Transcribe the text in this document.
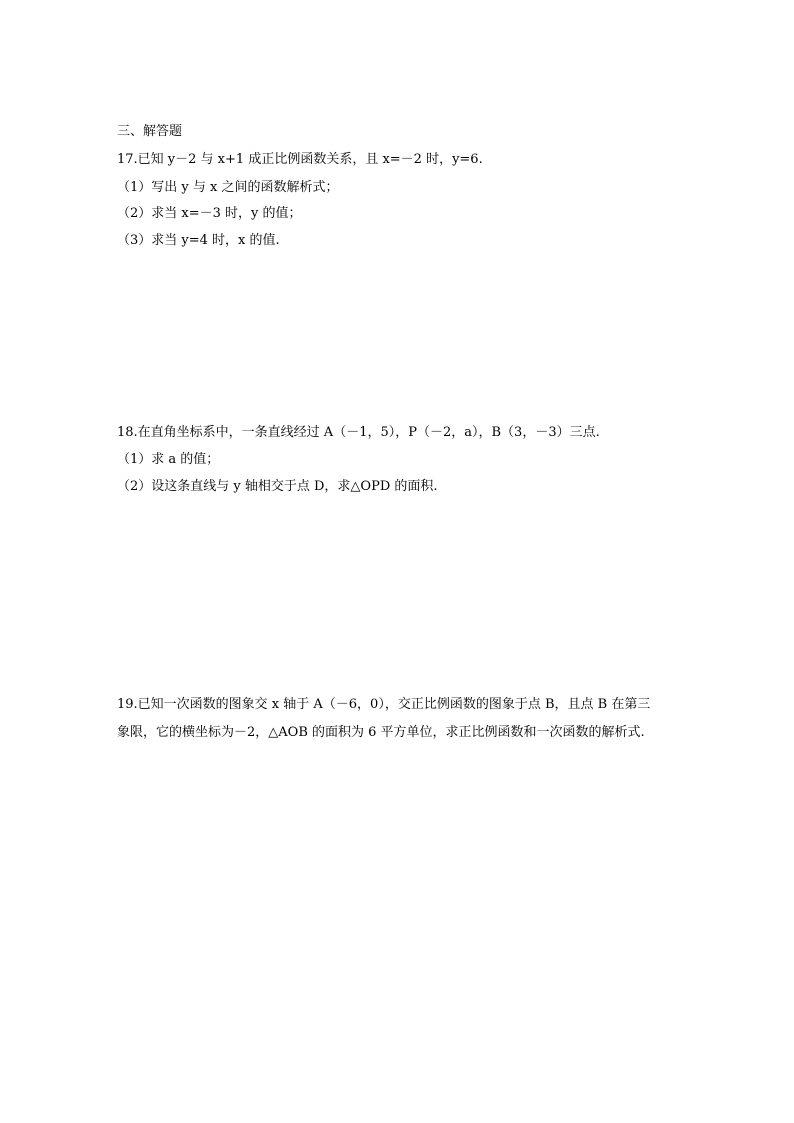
三、解答题
17.已知 y－2 与 x+1 成正比例函数关系，且 x=－2 时，y=6.
（1）写出 y 与 x 之间的函数解析式；
（2）求当 x=－3 时，y 的值；
（3）求当 y=4 时，x 的值.
18.在直角坐标系中，一条直线经过 A（－1，5），P（－2，a），B（3，－3）三点.
（1）求 a 的值；
（2）设这条直线与 y 轴相交于点 D，求△OPD 的面积.
19.已知一次函数的图象交 x 轴于 A（－6，0），交正比例函数的图象于点 B，且点 B 在第三
象限，它的横坐标为－2，△AOB 的面积为 6 平方单位，求正比例函数和一次函数的解析式.
